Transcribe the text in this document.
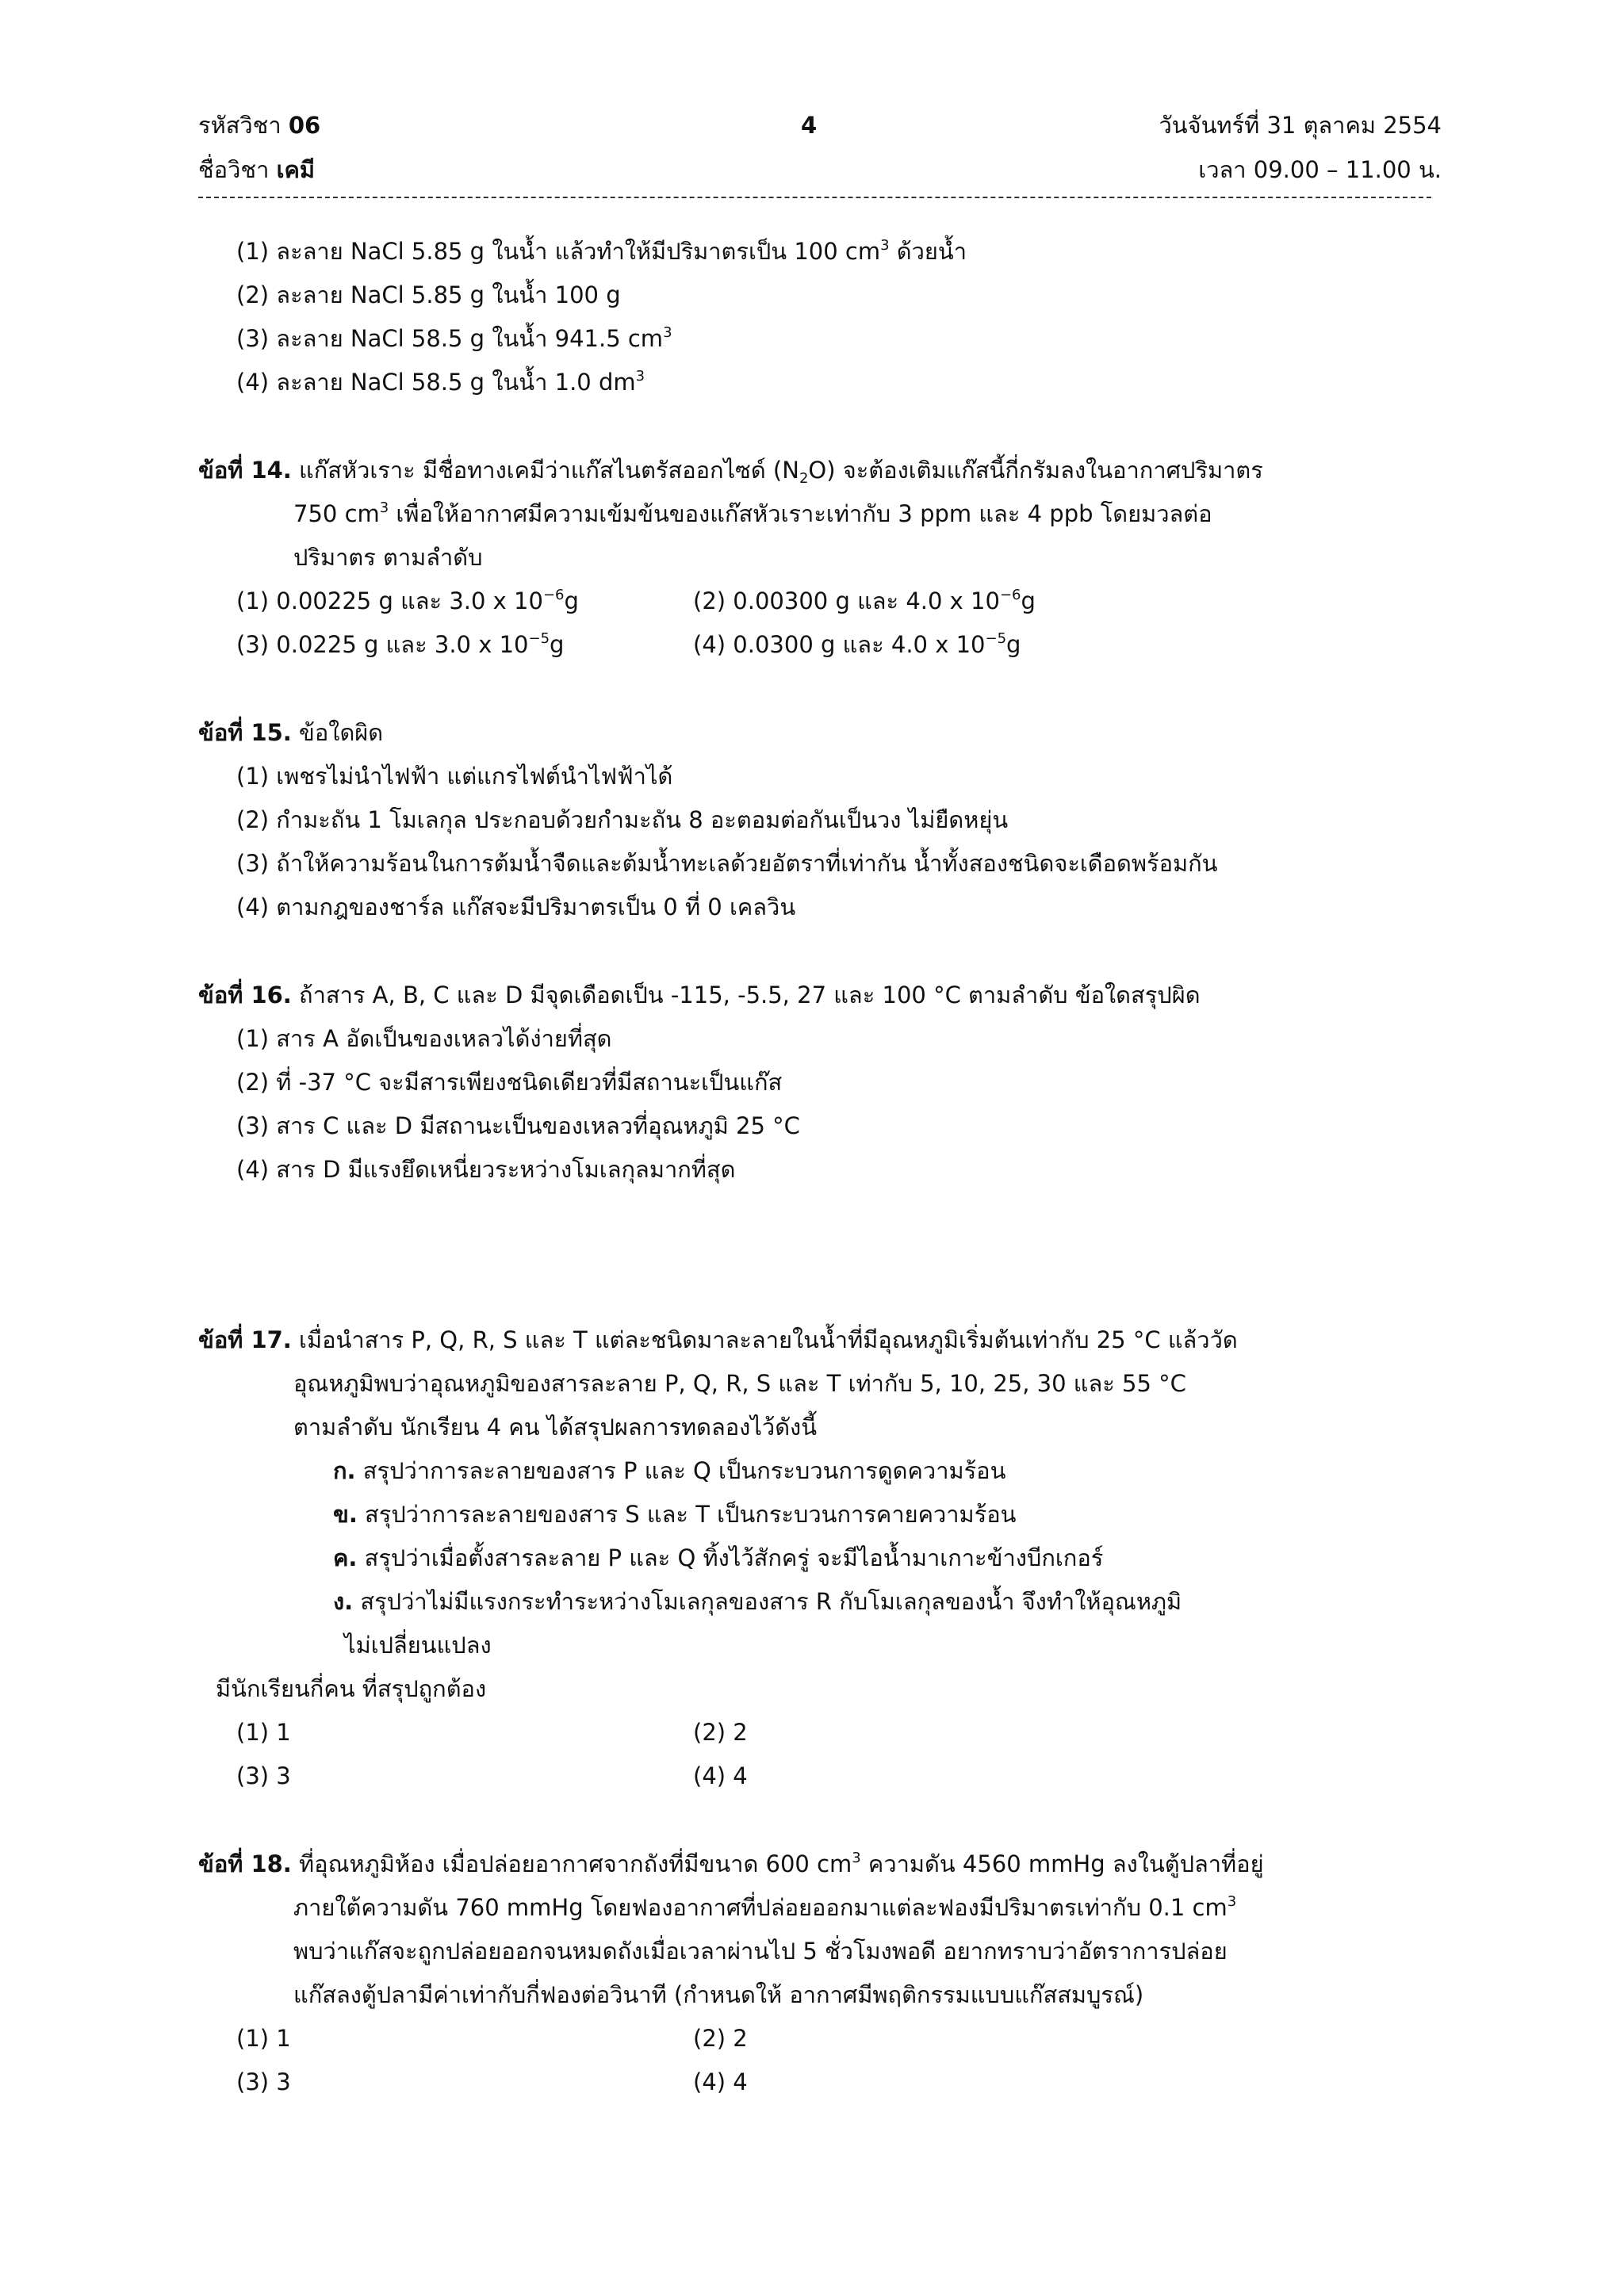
รหัสวิชา 06
ชื่อวิชา เคมี
4	วันจันทร์ที่ 31 ตุลาคม 2554
เวลา 09.00 – 11.00 น.
(1) ละลาย NaCl 5.85 g ในน้ำ แล้วทำให้มีปริมาตรเป็น 100 $cm^3$ ด้วยน้ำ
(2) ละลาย NaCl 5.85 g ในน้ำ 100 g
(3) ละลาย NaCl 58.5 g ในน้ำ 941.5 $cm^3$
(4) ละลาย NaCl 58.5 g ในน้ำ 1.0 $dm^3$
ข้อที่ 14. แก๊สหัวเราะ มีชื่อทางเคมีว่าแก๊สไนตรัสออกไซด์ $(N_2O)$ จะต้องเติมแก๊สนี้กี่กรัมลงในอากาศปริมาตร
750 $cm^3$ เพื่อให้อากาศมีความเข้มข้นของแก๊สหัวเราะเท่ากับ 3 ppm และ 4 ppb โดยมวลต่อ
ปริมาตร ตามลำดับ
(1) 0.00225 g และ 3.0 x $10^{-6}g$	(2) 0.00300 g และ 4.0 x $10^{-6}g$
(3) 0.0225 g และ 3.0 x $10^{-5}g$	(4) 0.0300 g และ 4.0 x $10^{-5}g$
ข้อที่ 15. ข้อใดผิด
(1) เพชรไม่นำไฟฟ้า แต่แกรไฟต์นำไฟฟ้าได้
(2) กำมะถัน 1 โมเลกุล ประกอบด้วยกำมะถัน 8 อะตอมต่อกันเป็นวง ไม่ยืดหยุ่น
(3) ถ้าให้ความร้อนในการต้มน้ำจืดและต้มน้ำทะเลด้วยอัตราที่เท่ากัน น้ำทั้งสองชนิดจะเดือดพร้อมกัน
(4) ตามกฎของชาร์ล แก๊สจะมีปริมาตรเป็น 0 ที่ 0 เคลวิน
ข้อที่ 16. ถ้าสาร A, B, C และ D มีจุดเดือดเป็น -115, -5.5, 27 และ 100 °C ตามลำดับ ข้อใดสรุปผิด
(1) สาร A อัดเป็นของเหลวได้ง่ายที่สุด
(2) ที่ -37 °C จะมีสารเพียงชนิดเดียวที่มีสถานะเป็นแก๊ส
(3) สาร C และ D มีสถานะเป็นของเหลวที่อุณหภูมิ 25 °C
(4) สาร D มีแรงยึดเหนี่ยวระหว่างโมเลกุลมากที่สุด
ข้อที่ 17. เมื่อนำสาร P, Q, R, S และ T แต่ละชนิดมาละลายในน้ำที่มีอุณหภูมิเริ่มต้นเท่ากับ 25 °C แล้ววัด
อุณหภูมิพบว่าอุณหภูมิของสารละลาย P, Q, R, S และ T เท่ากับ 5, 10, 25, 30 และ 55 °C
ตามลำดับ นักเรียน 4 คน ได้สรุปผลการทดลองไว้ดังนี้
ก. สรุปว่าการละลายของสาร P และ Q เป็นกระบวนการดูดความร้อน
ข. สรุปว่าการละลายของสาร S และ T เป็นกระบวนการคายความร้อน
ค. สรุปว่าเมื่อตั้งสารละลาย P และ Q ทิ้งไว้สักครู่ จะมีไอน้ำมาเกาะข้างบีกเกอร์
ง. สรุปว่าไม่มีแรงกระทำระหว่างโมเลกุลของสาร R กับโมเลกุลของน้ำ จึงทำให้อุณหภูมิ
ไม่เปลี่ยนแปลง
มีนักเรียนกี่คน ที่สรุปถูกต้อง
(1) 1	(2) 2
(3) 3	(4) 4
ข้อที่ 18. ที่อุณหภูมิห้อง เมื่อปล่อยอากาศจากถังที่มีขนาด 600 $cm^3$ ความดัน 4560 mmHg ลงในตู้ปลาที่อยู่
ภายใต้ความดัน 760 mmHg โดยฟองอากาศที่ปล่อยออกมาแต่ละฟองมีปริมาตรเท่ากับ 0.1 $cm^3$
พบว่าแก๊สจะถูกปล่อยออกจนหมดถังเมื่อเวลาผ่านไป 5 ชั่วโมงพอดี อยากทราบว่าอัตราการปล่อย
แก๊สลงตู้ปลามีค่าเท่ากับกี่ฟองต่อวินาที (กำหนดให้ อากาศมีพฤติกรรมแบบแก๊สสมบูรณ์)
(1) 1	(2) 2
(3) 3	(4) 4
